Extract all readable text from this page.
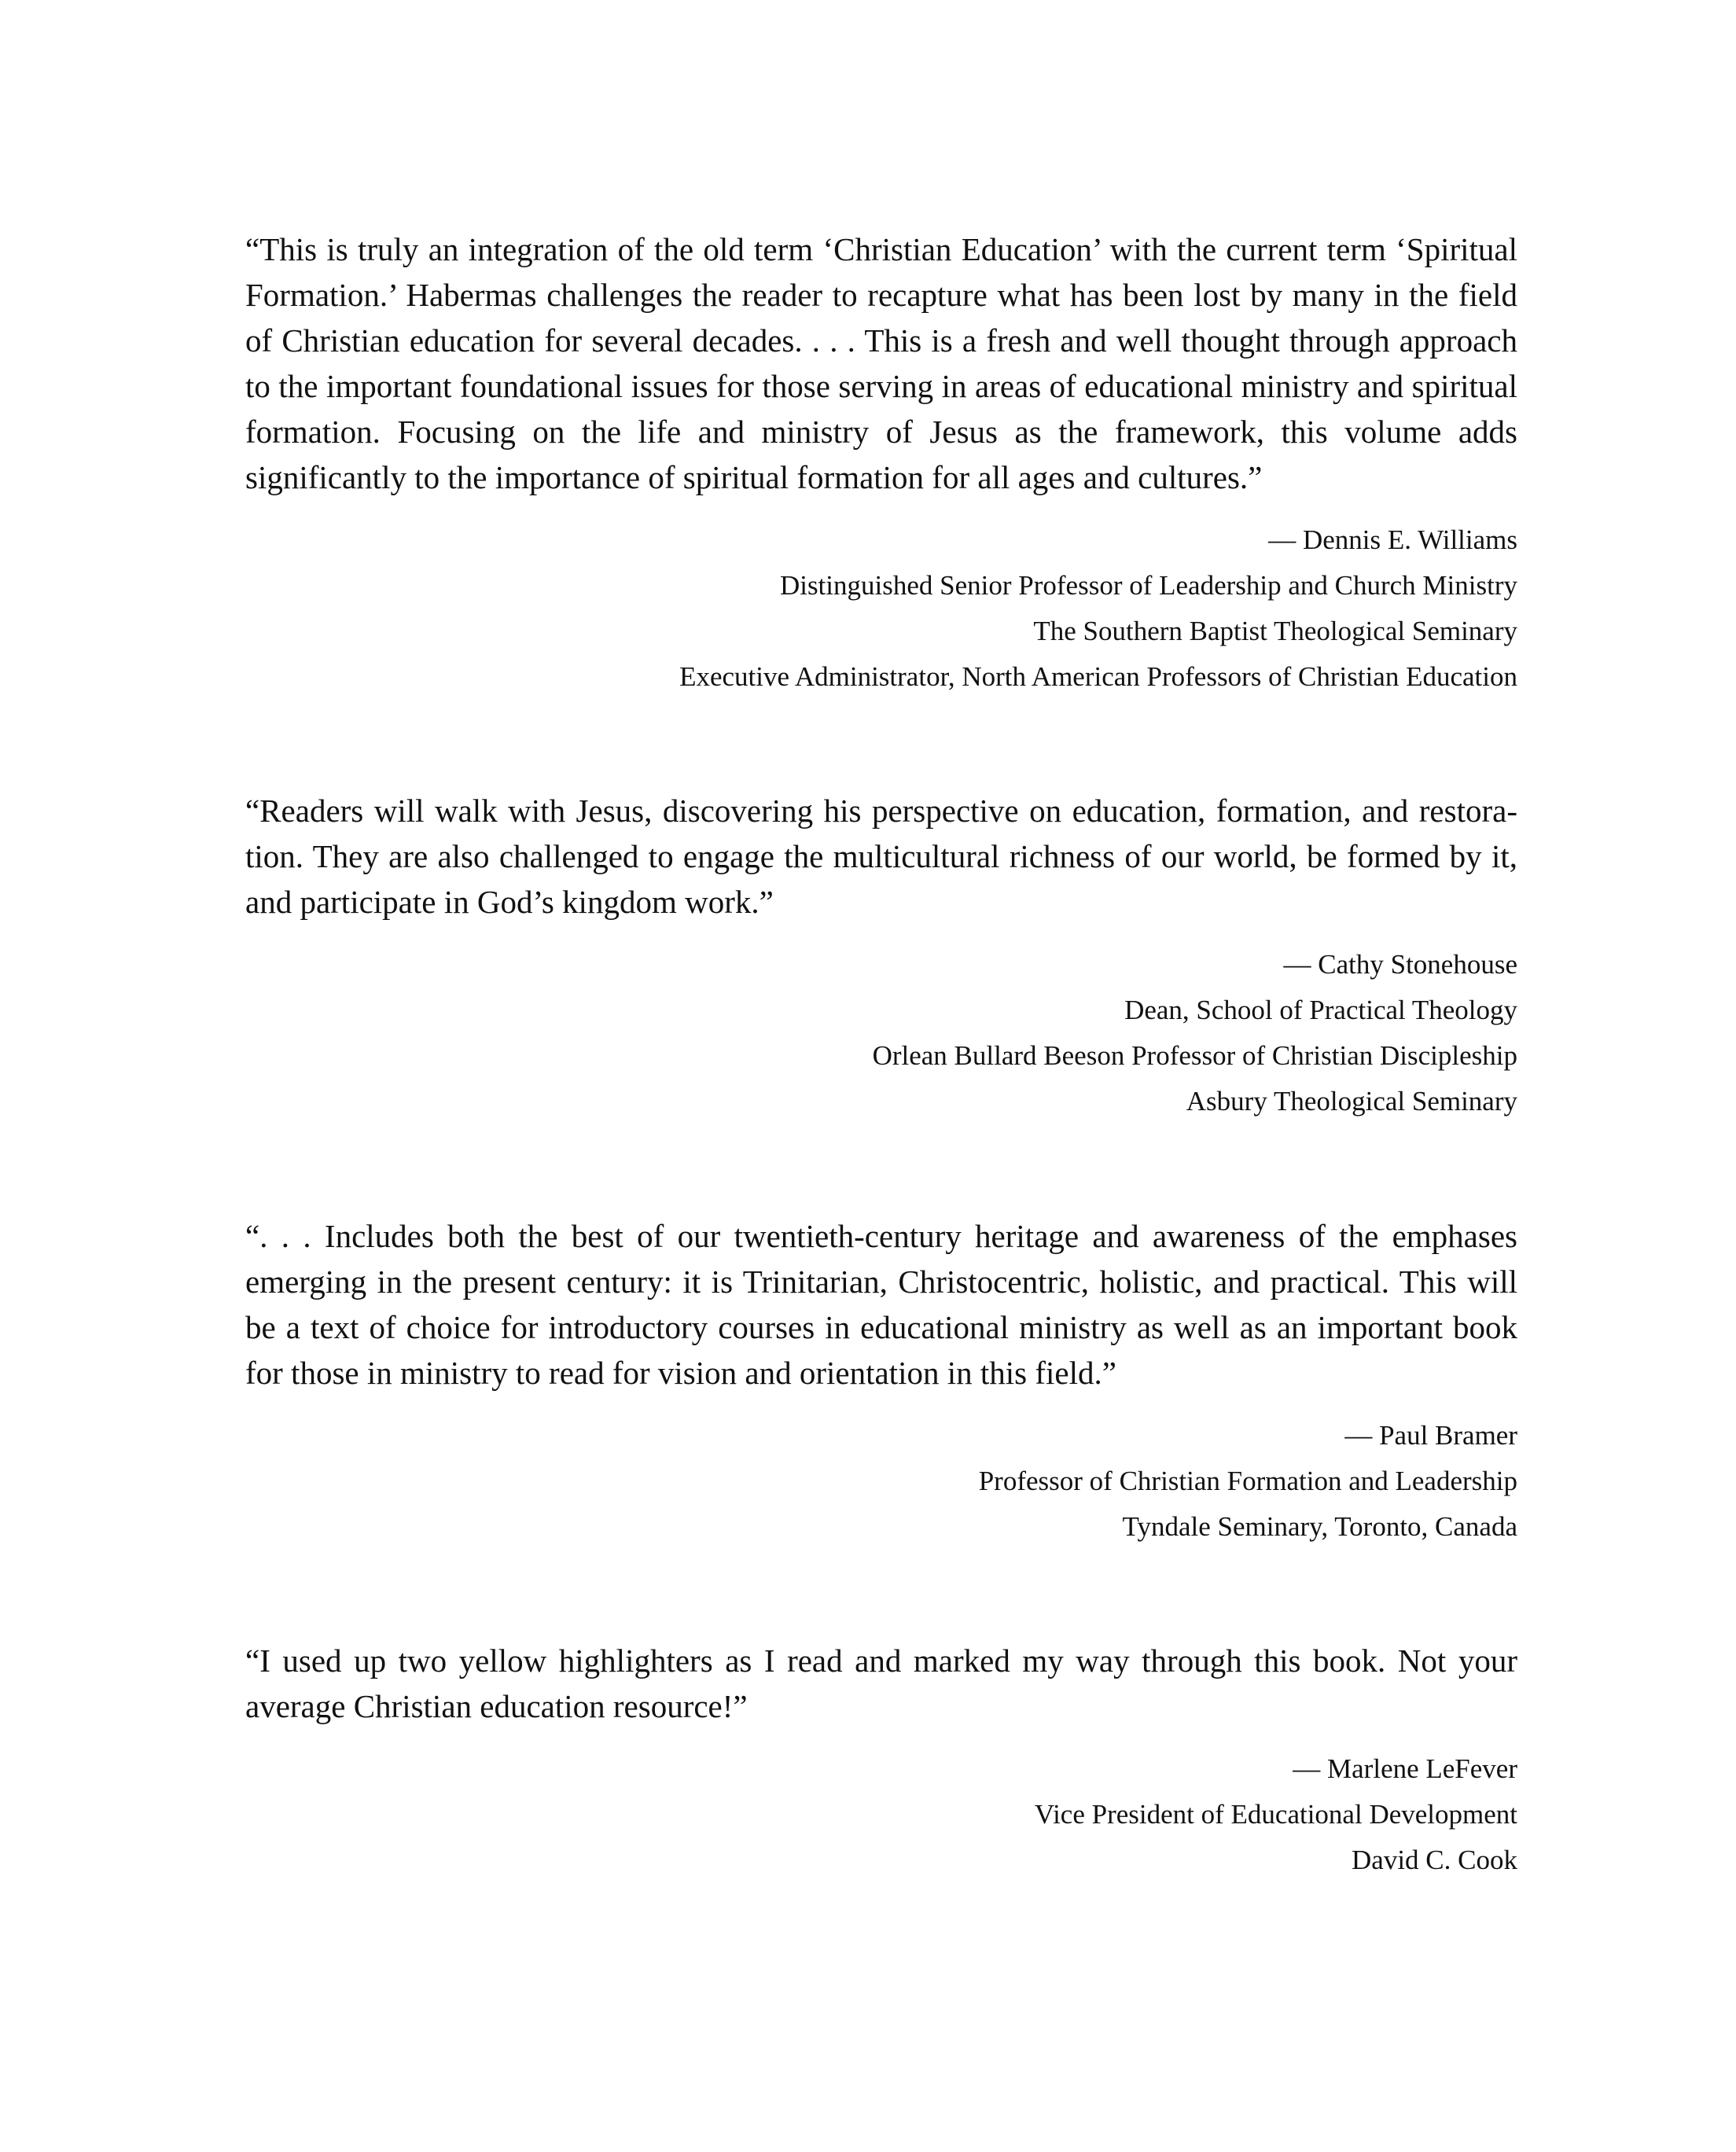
“This is truly an integration of the old term ‘Christian Education’ with the current term ‘Spiritual Formation.’ Habermas challenges the reader to recapture what has been lost by many in the field of Christian education for several decades. . . . This is a fresh and well thought through approach to the important foundational issues for those serving in areas of educational ministry and spiritual formation. Focusing on the life and ministry of Jesus as the framework, this volume adds significantly to the importance of spiritual formation for all ages and cultures.”

— Dennis E. Williams
Distinguished Senior Professor of Leadership and Church Ministry
The Southern Baptist Theological Seminary
Executive Administrator, North American Professors of Christian Education

“Readers will walk with Jesus, discovering his perspective on education, formation, and restoration. They are also challenged to engage the multicultural richness of our world, be formed by it, and participate in God’s kingdom work.”

— Cathy Stonehouse
Dean, School of Practical Theology
Orlean Bullard Beeson Professor of Christian Discipleship
Asbury Theological Seminary

“. . . Includes both the best of our twentieth-century heritage and awareness of the emphases emerging in the present century: it is Trinitarian, Christocentric, holistic, and practical. This will be a text of choice for introductory courses in educational ministry as well as an important book for those in ministry to read for vision and orientation in this field.”

— Paul Bramer
Professor of Christian Formation and Leadership
Tyndale Seminary, Toronto, Canada

“I used up two yellow highlighters as I read and marked my way through this book. Not your average Christian education resource!”

— Marlene LeFever
Vice President of Educational Development
David C. Cook
